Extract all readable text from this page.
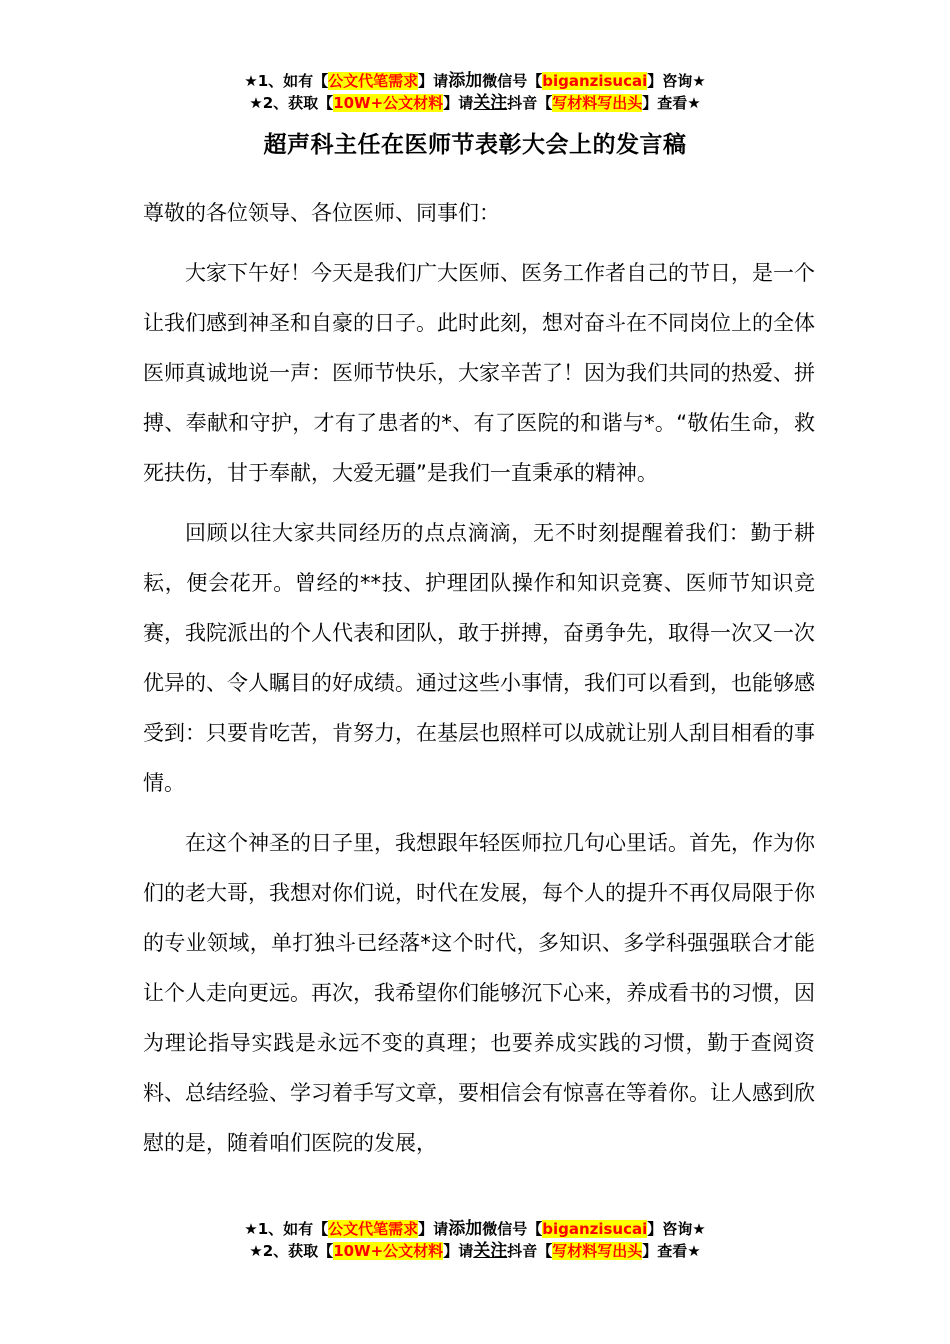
★1、如有【公文代笔需求】请添加微信号【biganzisucai】咨询★
★2、获取【10W+公文材料】请关注抖音【写材料写出头】查看★
超声科主任在医师节表彰大会上的发言稿

尊敬的各位领导、各位医师、同事们：

大家下午好！今天是我们广大医师、医务工作者自己的节日，是一个让我们感到神圣和自豪的日子。此时此刻，想对奋斗在不同岗位上的全体医师真诚地说一声：医师节快乐，大家辛苦了！因为我们共同的热爱、拼搏、奉献和守护，才有了患者的*、有了医院的和谐与*。“敬佑生命，救死扶伤，甘于奉献，大爱无疆”是我们一直秉承的精神。

回顾以往大家共同经历的点点滴滴，无不时刻提醒着我们：勤于耕耘，便会花开。曾经的**技、护理团队操作和知识竞赛、医师节知识竞赛，我院派出的个人代表和团队，敢于拼搏，奋勇争先，取得一次又一次优异的、令人瞩目的好成绩。通过这些小事情，我们可以看到，也能够感受到：只要肯吃苦，肯努力，在基层也照样可以成就让别人刮目相看的事情。

在这个神圣的日子里，我想跟年轻医师拉几句心里话。首先，作为你们的老大哥，我想对你们说，时代在发展，每个人的提升不再仅局限于你的专业领域，单打独斗已经落*这个时代，多知识、多学科强强联合才能让个人走向更远。再次，我希望你们能够沉下心来，养成看书的习惯，因为理论指导实践是永远不变的真理；也要养成实践的习惯，勤于查阅资料、总结经验、学习着手写文章，要相信会有惊喜在等着你。让人感到欣慰的是，随着咱们医院的发展，

★1、如有【公文代笔需求】请添加微信号【biganzisucai】咨询★
★2、获取【10W+公文材料】请关注抖音【写材料写出头】查看★
